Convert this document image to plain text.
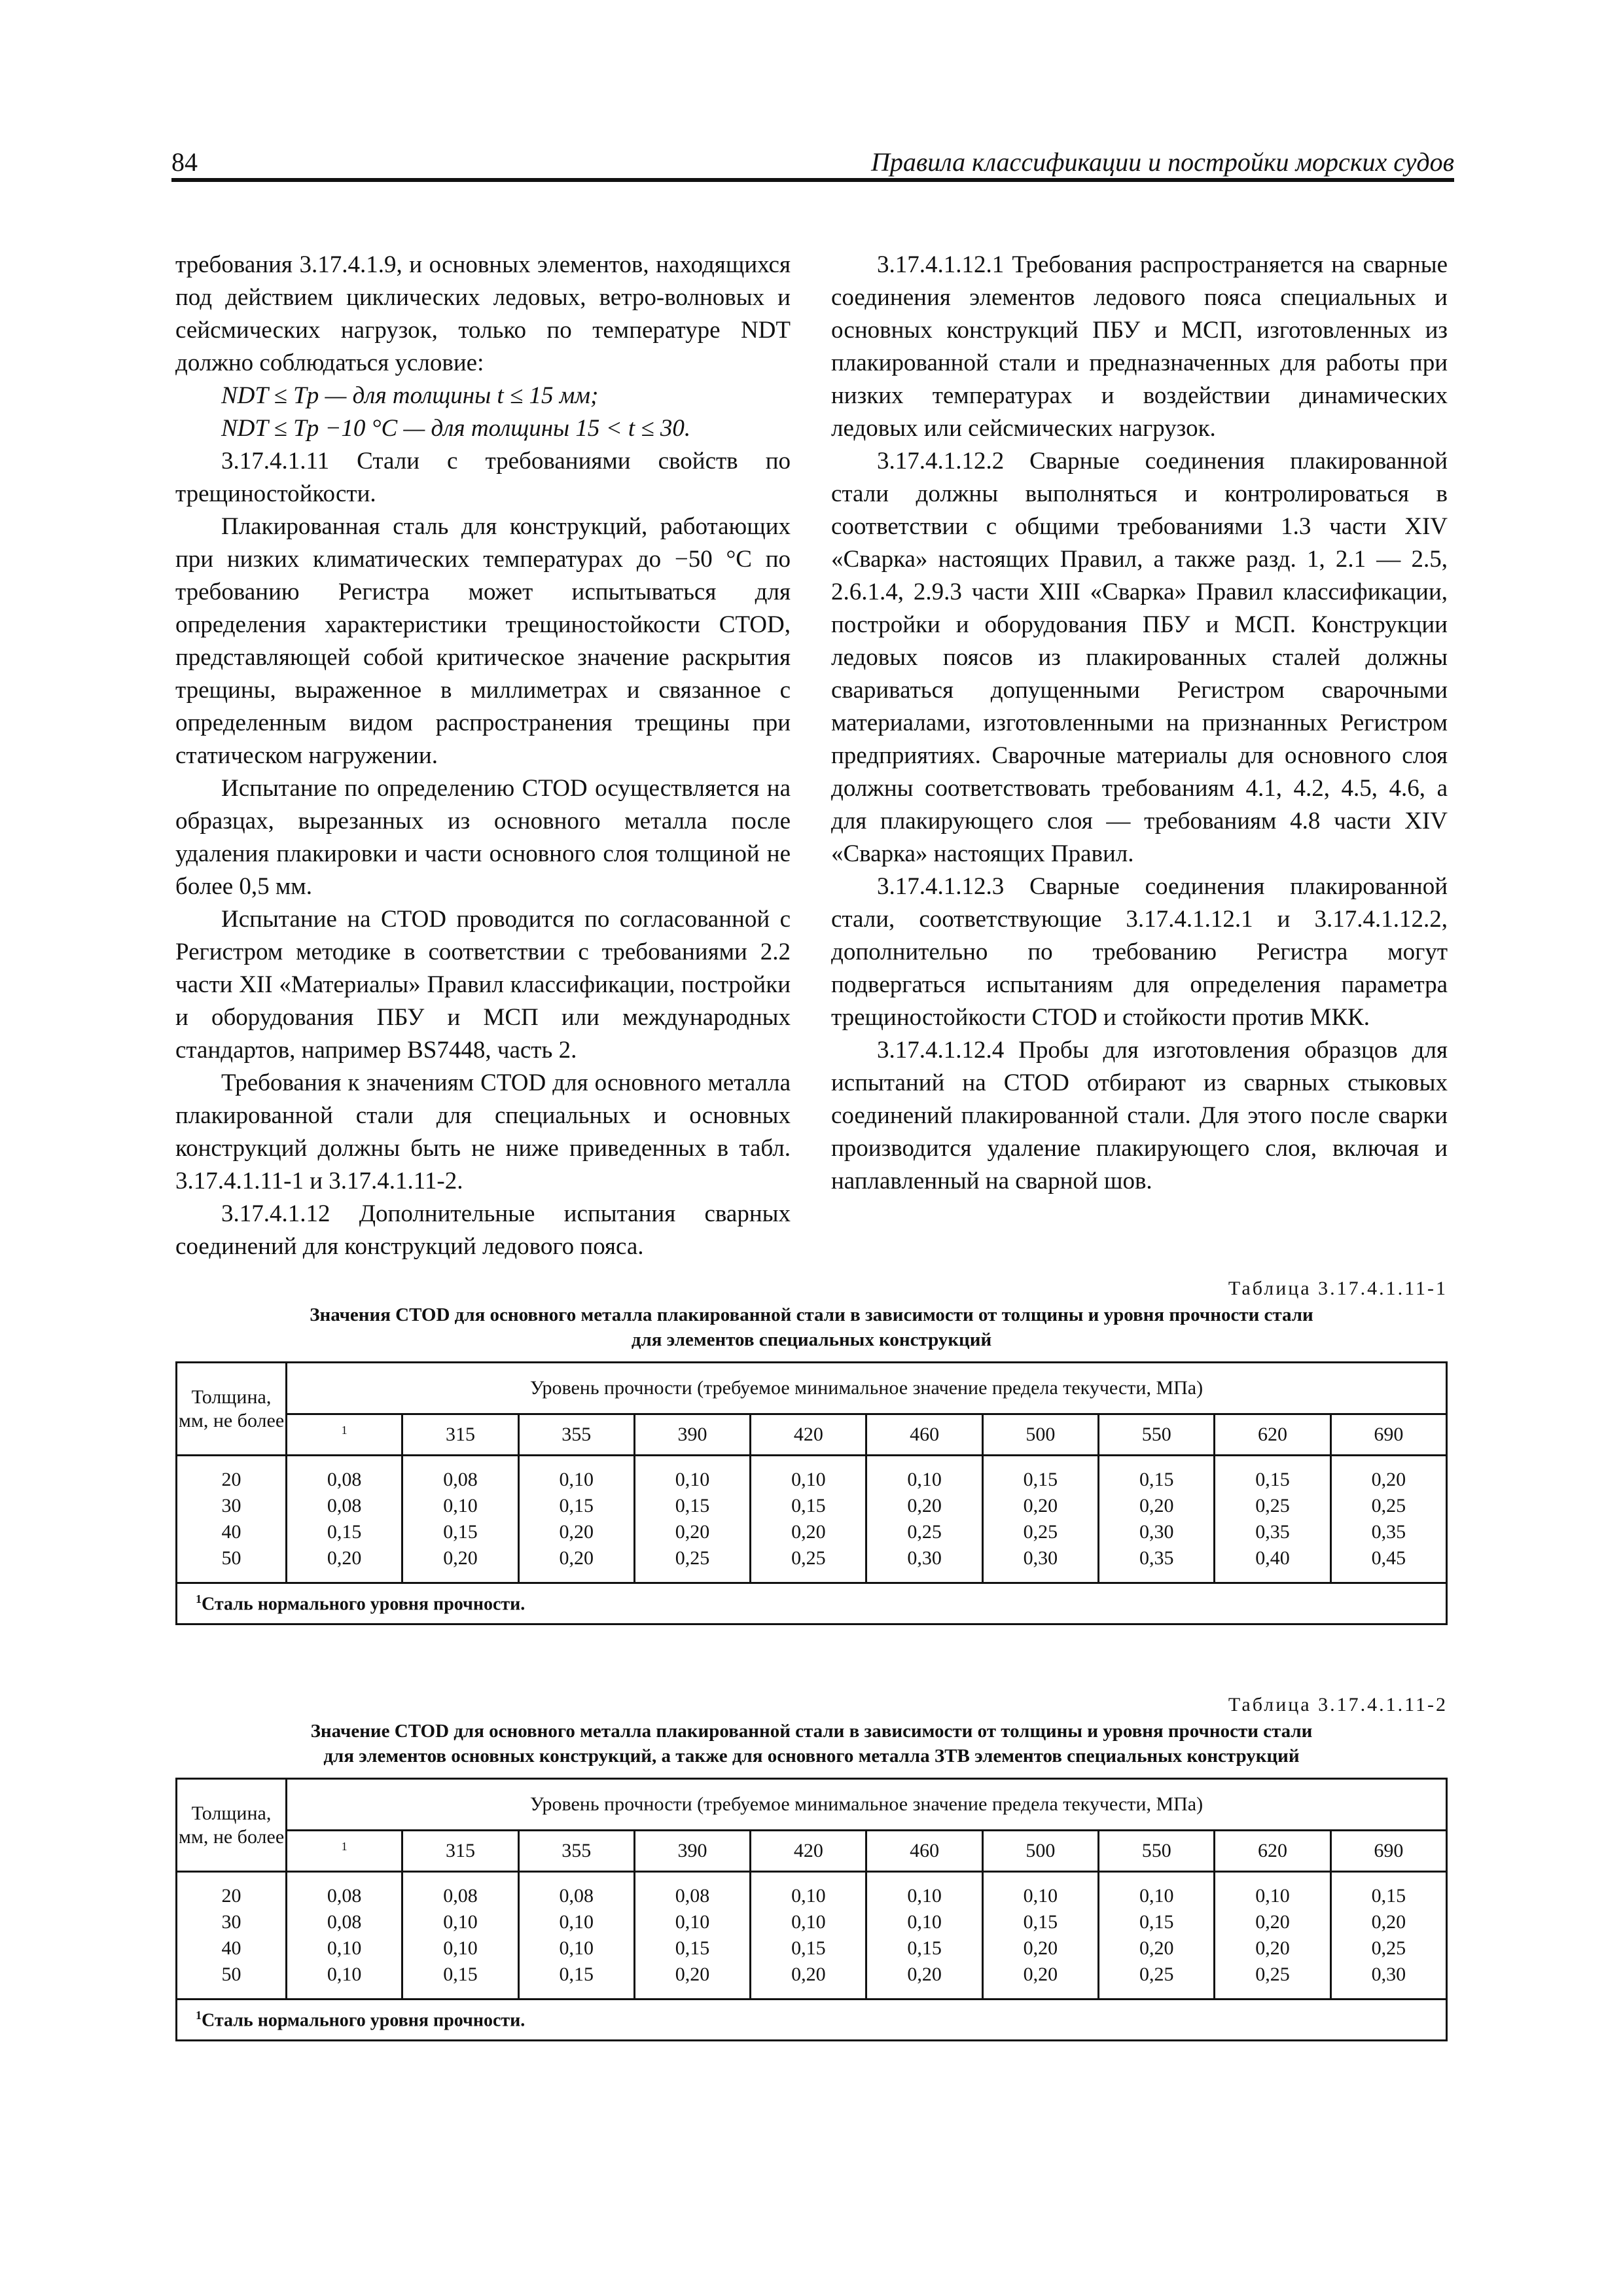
84	Правила классификации и постройки морских судов

требования 3.17.4.1.9, и основных элементов, находящихся под действием циклических ледовых, ветро-волновых и сейсмических нагрузок, только по температуре NDT должно соблюдаться условие:

NDT ≤ Tp — для толщины t ≤ 15 мм;

NDT ≤ Tp −10 °С — для толщины 15 < t ≤ 30.

3.17.4.1.11 Стали с требованиями свойств по трещиностойкости.

Плакированная сталь для конструкций, работающих при низких климатических температурах до −50 °С по требованию Регистра может испытываться для определения характеристики трещиностойкости CTOD, представляющей собой критическое значение раскрытия трещины, выраженное в миллиметрах и связанное с определенным видом распространения трещины при статическом нагружении.

Испытание по определению CTOD осуществляется на образцах, вырезанных из основного металла после удаления плакировки и части основного слоя толщиной не более 0,5 мм.

Испытание на CTOD проводится по согласованной с Регистром методике в соответствии с требованиями 2.2 части XII «Материалы» Правил классификации, постройки и оборудования ПБУ и МСП или международных стандартов, например BS7448, часть 2.

Требования к значениям CTOD для основного металла плакированной стали для специальных и основных конструкций должны быть не ниже приведенных в табл. 3.17.4.1.11-1 и 3.17.4.1.11-2.

3.17.4.1.12 Дополнительные испытания сварных соединений для конструкций ледового пояса.

3.17.4.1.12.1 Требования распространяется на сварные соединения элементов ледового пояса специальных и основных конструкций ПБУ и МСП, изготовленных из плакированной стали и предназначенных для работы при низких температурах и воздействии динамических ледовых или сейсмических нагрузок.

3.17.4.1.12.2 Сварные соединения плакированной стали должны выполняться и контролироваться в соответствии с общими требованиями 1.3 части XIV «Сварка» настоящих Правил, а также разд. 1, 2.1 — 2.5, 2.6.1.4, 2.9.3 части XIII «Сварка» Правил классификации, постройки и оборудования ПБУ и МСП. Конструкции ледовых поясов из плакированных сталей должны свариваться допущенными Регистром сварочными материалами, изготовленными на признанных Регистром предприятиях. Сварочные материалы для основного слоя должны соответствовать требованиям 4.1, 4.2, 4.5, 4.6, а для плакирующего слоя — требованиям 4.8 части XIV «Сварка» настоящих Правил.

3.17.4.1.12.3 Сварные соединения плакированной стали, соответствующие 3.17.4.1.12.1 и 3.17.4.1.12.2, дополнительно по требованию Регистра могут подвергаться испытаниям для определения параметра трещиностойкости CTOD и стойкости против МКК.

3.17.4.1.12.4 Пробы для изготовления образцов для испытаний на CTOD отбирают из сварных стыковых соединений плакированной стали. Для этого после сварки производится удаление плакирующего слоя, включая и наплавленный на сварной шов.

Таблица 3.17.4.1.11-1
Значения CTOD для основного металла плакированной стали в зависимости от толщины и уровня прочности стали
для элементов специальных конструкций
Толщина, мм, не более	Уровень прочности (требуемое минимальное значение предела текучести, МПа)									
	$^1$	315	355	390	420	460	500	550	620	690
20	0,08	0,08	0,10	0,10	0,10	0,10	0,15	0,15	0,15	0,20
30	0,08	0,10	0,15	0,15	0,15	0,20	0,20	0,20	0,25	0,25
40	0,15	0,15	0,20	0,20	0,20	0,25	0,25	0,30	0,35	0,35
50	0,20	0,20	0,20	0,25	0,25	0,30	0,30	0,35	0,40	0,45
$^1$Сталь нормального уровня прочности.										
Таблица 3.17.4.1.11-2
Значение CTOD для основного металла плакированной стали в зависимости от толщины и уровня прочности стали
для элементов основных конструкций, а также для основного металла ЗТВ элементов специальных конструкций
Толщина, мм, не более	Уровень прочности (требуемое минимальное значение предела текучести, МПа)									
	$^1$	315	355	390	420	460	500	550	620	690
20	0,08	0,08	0,08	0,08	0,10	0,10	0,10	0,10	0,10	0,15
30	0,08	0,10	0,10	0,10	0,10	0,10	0,15	0,15	0,20	0,20
40	0,10	0,10	0,10	0,15	0,15	0,15	0,20	0,20	0,20	0,25
50	0,10	0,15	0,15	0,20	0,20	0,20	0,20	0,25	0,25	0,30
$^1$Сталь нормального уровня прочности.										
